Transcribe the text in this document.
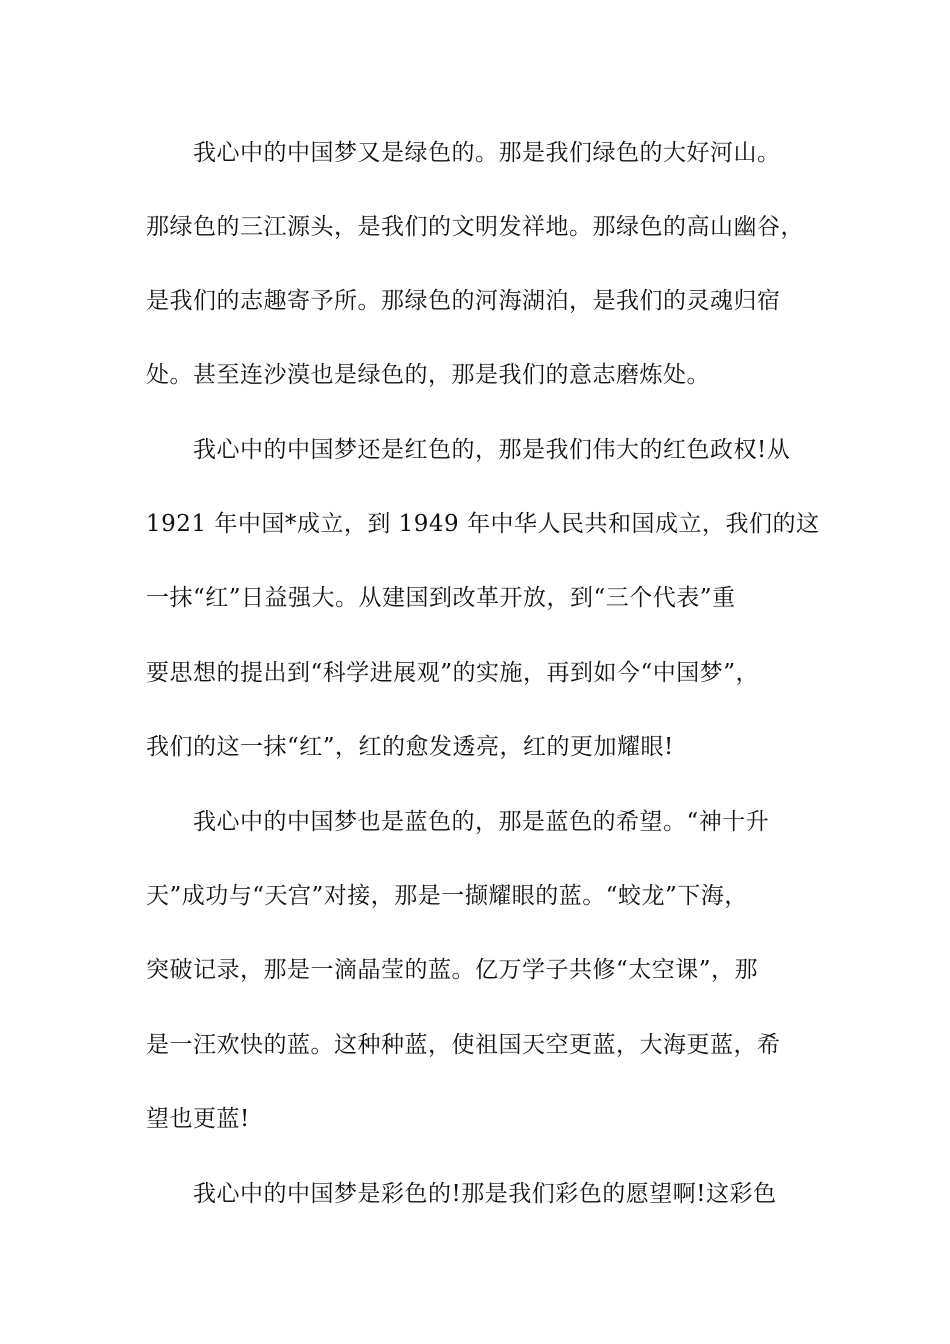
我心中的中国梦又是绿色的。那是我们绿色的大好河山。
那绿色的三江源头，是我们的文明发祥地。那绿色的高山幽谷，
是我们的志趣寄予所。那绿色的河海湖泊，是我们的灵魂归宿
处。甚至连沙漠也是绿色的，那是我们的意志磨炼处。
我心中的中国梦还是红色的，那是我们伟大的红色政权!从
1921 年中国*成立，到 1949 年中华人民共和国成立，我们的这
一抹“红”日益强大。从建国到改革开放，到“三个代表”重
要思想的提出到“科学进展观”的实施，再到如今“中国梦”，
我们的这一抹“红”，红的愈发透亮，红的更加耀眼!
我心中的中国梦也是蓝色的，那是蓝色的希望。“神十升
天”成功与“天宫”对接，那是一撷耀眼的蓝。“蛟龙”下海，
突破记录，那是一滴晶莹的蓝。亿万学子共修“太空课”，那
是一汪欢快的蓝。这种种蓝，使祖国天空更蓝，大海更蓝，希
望也更蓝!
我心中的中国梦是彩色的!那是我们彩色的愿望啊!这彩色
